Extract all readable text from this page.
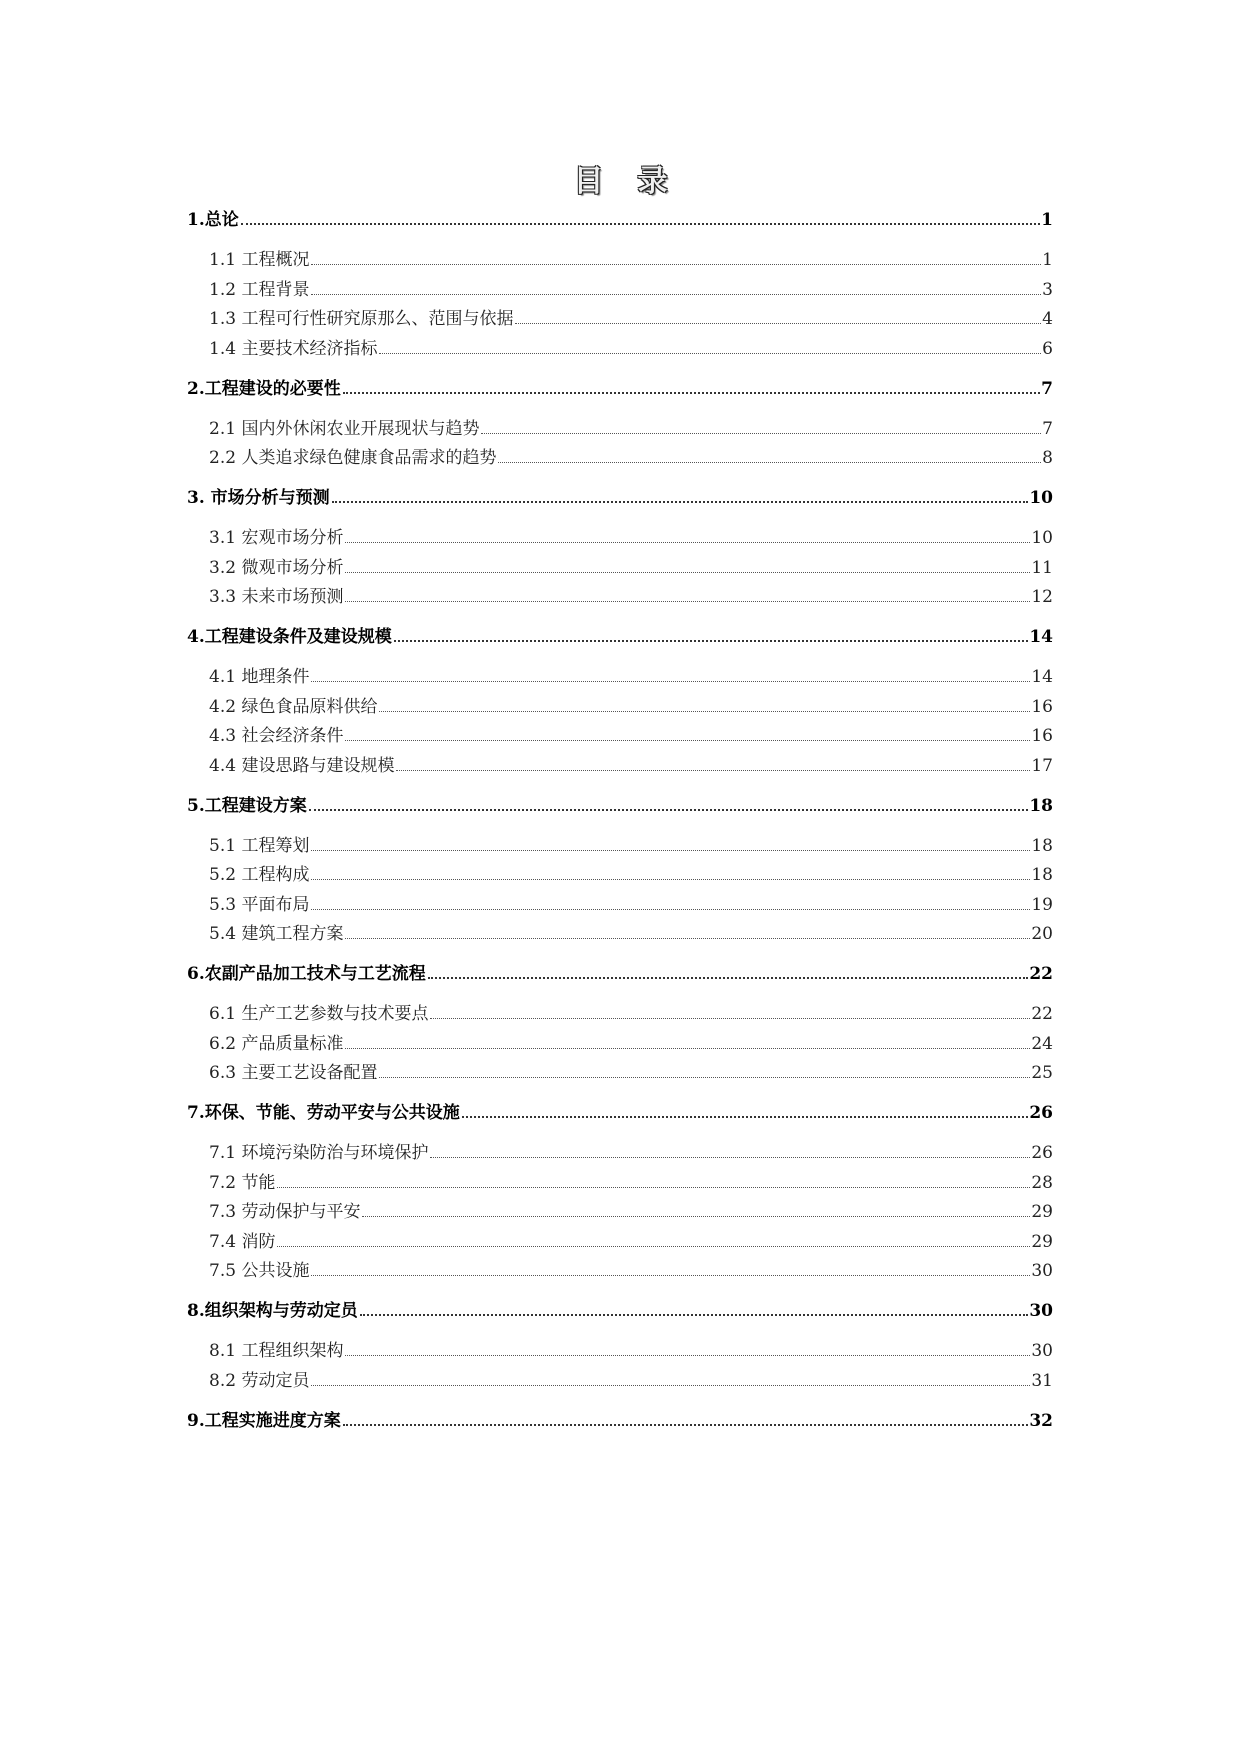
目录
1.总论	1
1.1 工程概况	1
1.2 工程背景	3
1.3 工程可行性研究原那么、范围与依据	4
1.4 主要技术经济指标	6
2.工程建设的必要性	7
2.1 国内外休闲农业开展现状与趋势	7
2.2 人类追求绿色健康食品需求的趋势	8
3. 市场分析与预测	10
3.1 宏观市场分析	10
3.2 微观市场分析	11
3.3 未来市场预测	12
4.工程建设条件及建设规模	14
4.1 地理条件	14
4.2 绿色食品原料供给	16
4.3 社会经济条件	16
4.4 建设思路与建设规模	17
5.工程建设方案	18
5.1 工程筹划	18
5.2 工程构成	18
5.3 平面布局	19
5.4 建筑工程方案	20
6.农副产品加工技术与工艺流程	22
6.1 生产工艺参数与技术要点	22
6.2 产品质量标准	24
6.3 主要工艺设备配置	25
7.环保、节能、劳动平安与公共设施	26
7.1 环境污染防治与环境保护	26
7.2 节能	28
7.3 劳动保护与平安	29
7.4 消防	29
7.5 公共设施	30
8.组织架构与劳动定员	30
8.1 工程组织架构	30
8.2 劳动定员	31
9.工程实施进度方案	32
